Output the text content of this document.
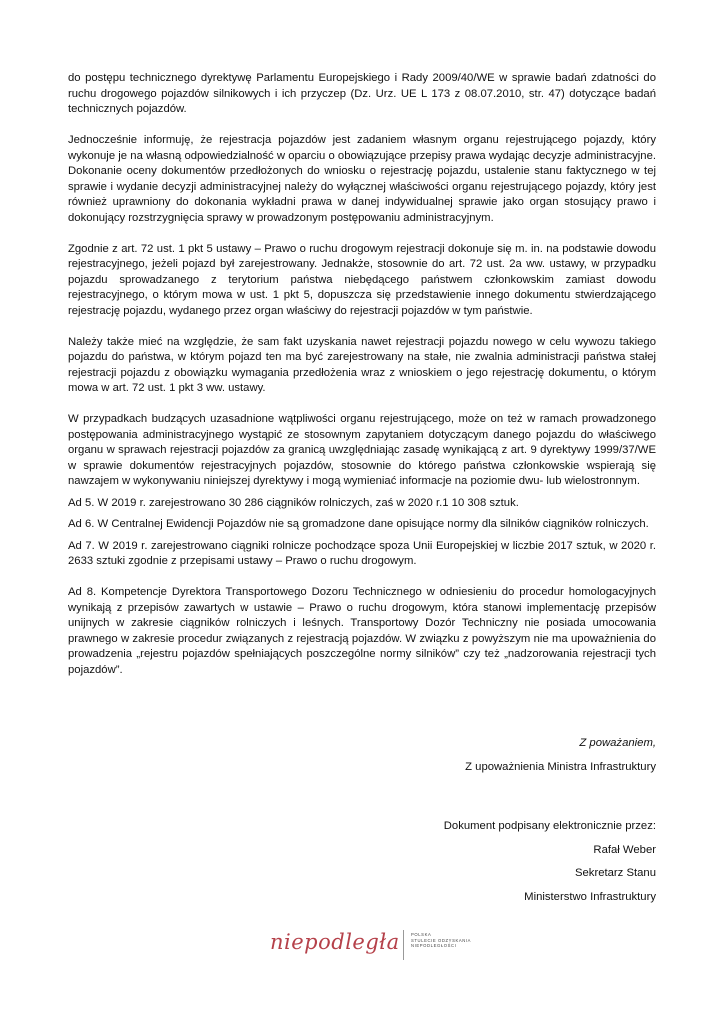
do postępu technicznego dyrektywę Parlamentu Europejskiego i Rady 2009/40/WE w sprawie badań zdatności do ruchu drogowego pojazdów silnikowych i ich przyczep (Dz. Urz. UE L 173 z 08.07.2010, str. 47) dotyczące badań technicznych pojazdów.

Jednocześnie informuję, że rejestracja pojazdów jest zadaniem własnym organu rejestrującego pojazdy, który wykonuje je na własną odpowiedzialność w oparciu o obowiązujące przepisy prawa wydając decyzje administracyjne. Dokonanie oceny dokumentów przedłożonych do wniosku o rejestrację pojazdu, ustalenie stanu faktycznego w tej sprawie i wydanie decyzji administracyjnej należy do wyłącznej właściwości organu rejestrującego pojazdy, który jest również uprawniony do dokonania wykładni prawa w danej indywidualnej sprawie jako organ stosujący prawo i dokonujący rozstrzygnięcia sprawy w prowadzonym postępowaniu administracyjnym.

Zgodnie z art. 72 ust. 1 pkt 5 ustawy – Prawo o ruchu drogowym rejestracji dokonuje się m. in. na podstawie dowodu rejestracyjnego, jeżeli pojazd był zarejestrowany. Jednakże, stosownie do art. 72 ust. 2a ww. ustawy, w przypadku pojazdu sprowadzanego z terytorium państwa niebędącego państwem członkowskim zamiast dowodu rejestracyjnego, o którym mowa w ust. 1 pkt 5, dopuszcza się przedstawienie innego dokumentu stwierdzającego rejestrację pojazdu, wydanego przez organ właściwy do rejestracji pojazdów w tym państwie.

Należy także mieć na względzie, że sam fakt uzyskania nawet rejestracji pojazdu nowego w celu wywozu takiego pojazdu do państwa, w którym pojazd ten ma być zarejestrowany na stałe, nie zwalnia administracji państwa stałej rejestracji pojazdu z obowiązku wymagania przedłożenia wraz z wnioskiem o jego rejestrację dokumentu, o którym mowa w art. 72 ust. 1 pkt 3 ww. ustawy.

W przypadkach budzących uzasadnione wątpliwości organu rejestrującego, może on też w ramach prowadzonego postępowania administracyjnego wystąpić ze stosownym zapytaniem dotyczącym danego pojazdu do właściwego organu w sprawach rejestracji pojazdów za granicą uwzględniając zasadę wynikającą z art. 9 dyrektywy 1999/37/WE w sprawie dokumentów rejestracyjnych pojazdów, stosownie do którego państwa członkowskie wspierają się nawzajem w wykonywaniu niniejszej dyrektywy i mogą wymieniać informacje na poziomie dwu- lub wielostronnym.

Ad 5. W 2019 r. zarejestrowano 30 286 ciągników rolniczych, zaś w 2020 r.1 10 308 sztuk.

Ad 6. W Centralnej Ewidencji Pojazdów nie są gromadzone dane opisujące normy dla silników ciągników rolniczych.

Ad 7. W 2019 r. zarejestrowano ciągniki rolnicze pochodzące spoza Unii Europejskiej w liczbie 2017 sztuk, w 2020 r. 2633 sztuki zgodnie z przepisami ustawy – Prawo o ruchu drogowym.

Ad 8. Kompetencje Dyrektora Transportowego Dozoru Technicznego w odniesieniu do procedur homologacyjnych wynikają z przepisów zawartych w ustawie – Prawo o ruchu drogowym, która stanowi implementację przepisów unijnych w zakresie ciągników rolniczych i leśnych. Transportowy Dozór Techniczny nie posiada umocowania prawnego w zakresie procedur związanych z rejestracją pojazdów. W związku z powyższym nie ma upoważnienia do prowadzenia „rejestru pojazdów spełniających poszczególne normy silników” czy też „nadzorowania rejestracji tych pojazdów”.

Z poważaniem,
Z upoważnienia Ministra Infrastruktury
Dokument podpisany elektronicznie przez:
Rafał Weber
Sekretarz Stanu
Ministerstwo Infrastruktury
niepodległa	POLSKA
STULECIE ODZYSKANIA
NIEPODLEGŁOŚCI
